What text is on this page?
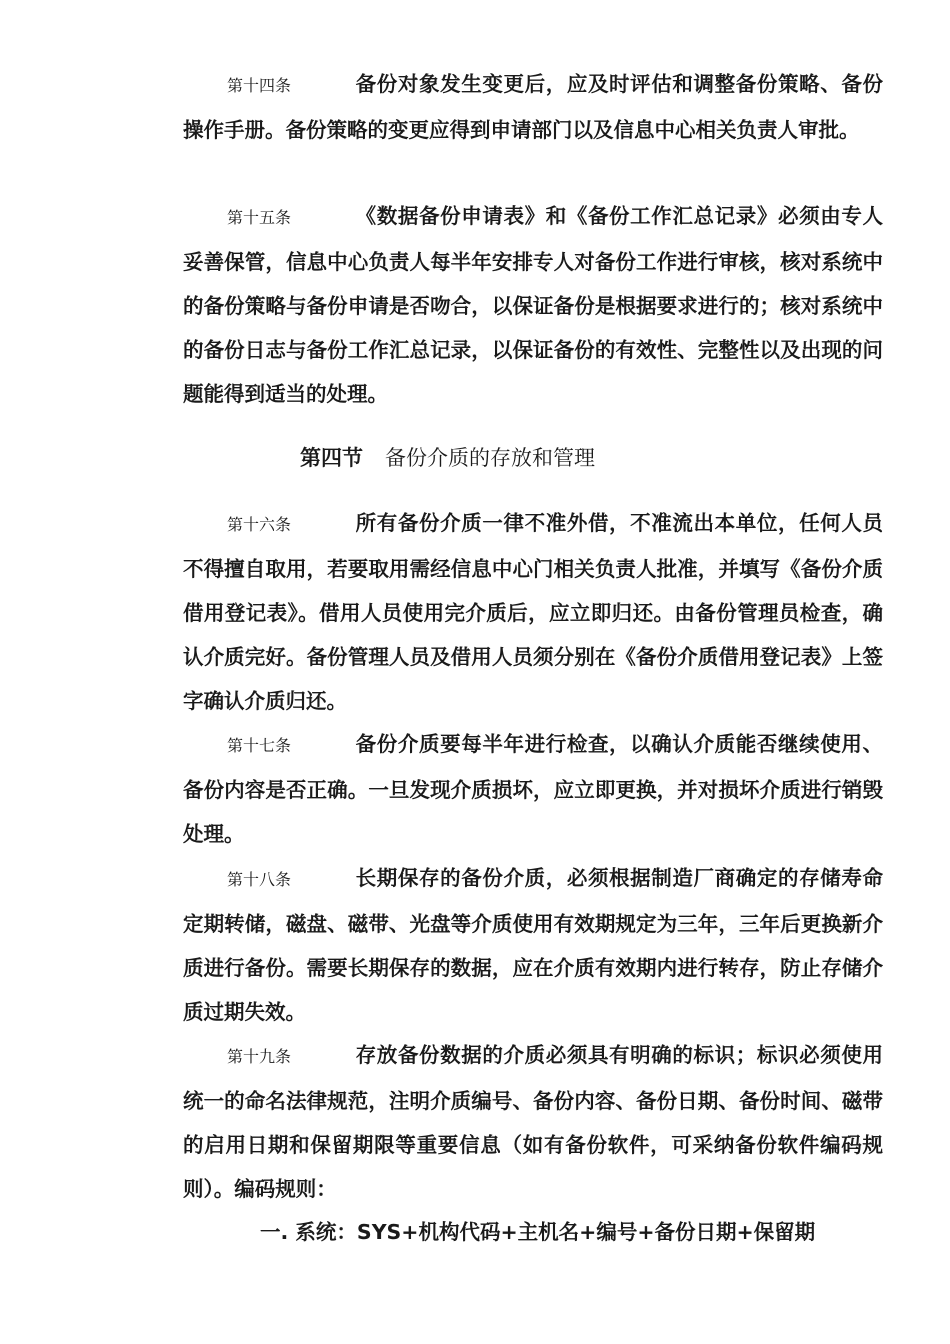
第十四条	备份对象发生变更后，应及时评估和调整备份策略、备份操作手册。备份策略的变更应得到申请部门以及信息中心相关负责人审批。
第十五条	《数据备份申请表》和《备份工作汇总记录》必须由专人妥善保管，信息中心负责人每半年安排专人对备份工作进行审核，核对系统中的备份策略与备份申请是否吻合，以保证备份是根据要求进行的；核对系统中的备份日志与备份工作汇总记录，以保证备份的有效性、完整性以及出现的问题能得到适当的处理。
第四节 备份介质的存放和管理
第十六条	所有备份介质一律不准外借，不准流出本单位，任何人员不得擅自取用，若要取用需经信息中心门相关负责人批准，并填写《备份介质借用登记表》。借用人员使用完介质后，应立即归还。由备份管理员检查，确认介质完好。备份管理人员及借用人员须分别在《备份介质借用登记表》上签字确认介质归还。
第十七条	备份介质要每半年进行检查，以确认介质能否继续使用、备份内容是否正确。一旦发现介质损坏，应立即更换，并对损坏介质进行销毁处理。
第十八条	长期保存的备份介质，必须根据制造厂商确定的存储寿命定期转储，磁盘、磁带、光盘等介质使用有效期规定为三年，三年后更换新介质进行备份。需要长期保存的数据，应在介质有效期内进行转存，防止存储介质过期失效。
第十九条	存放备份数据的介质必须具有明确的标识；标识必须使用统一的命名法律规范，注明介质编号、备份内容、备份日期、备份时间、磁带的启用日期和保留期限等重要信息（如有备份软件，可采纳备份软件编码规则）。编码规则：
一. 系统：SYS+机构代码+主机名+编号+备份日期+保留期
